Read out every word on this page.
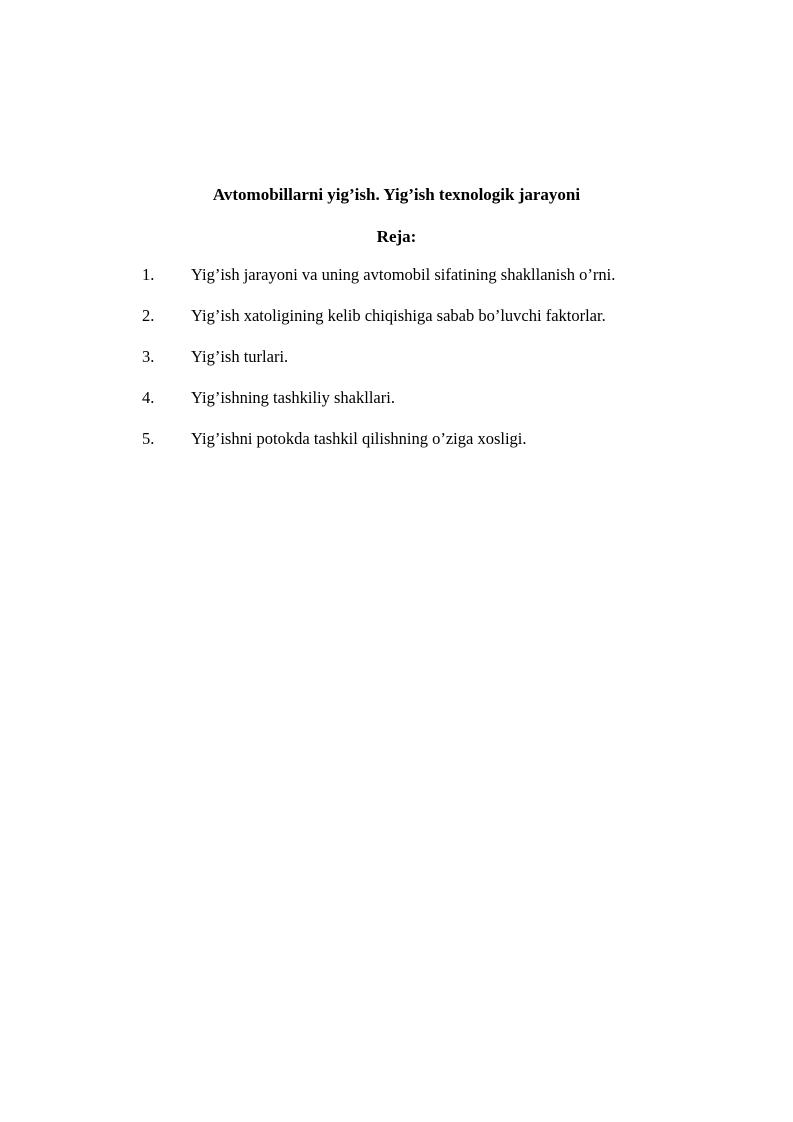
Avtomobillarni yig’ish. Yig’ish texnologik jarayoni
Reja:
1. Yig’ish jarayoni va uning avtomobil sifatining shakllanish o’rni.
2. Yig’ish xatoligining kelib chiqishiga sabab bo’luvchi faktorlar.
3. Yig’ish turlari.
4. Yig’ishning tashkiliy shakllari.
5. Yig’ishni potokda tashkil qilishning o’ziga xosligi.
